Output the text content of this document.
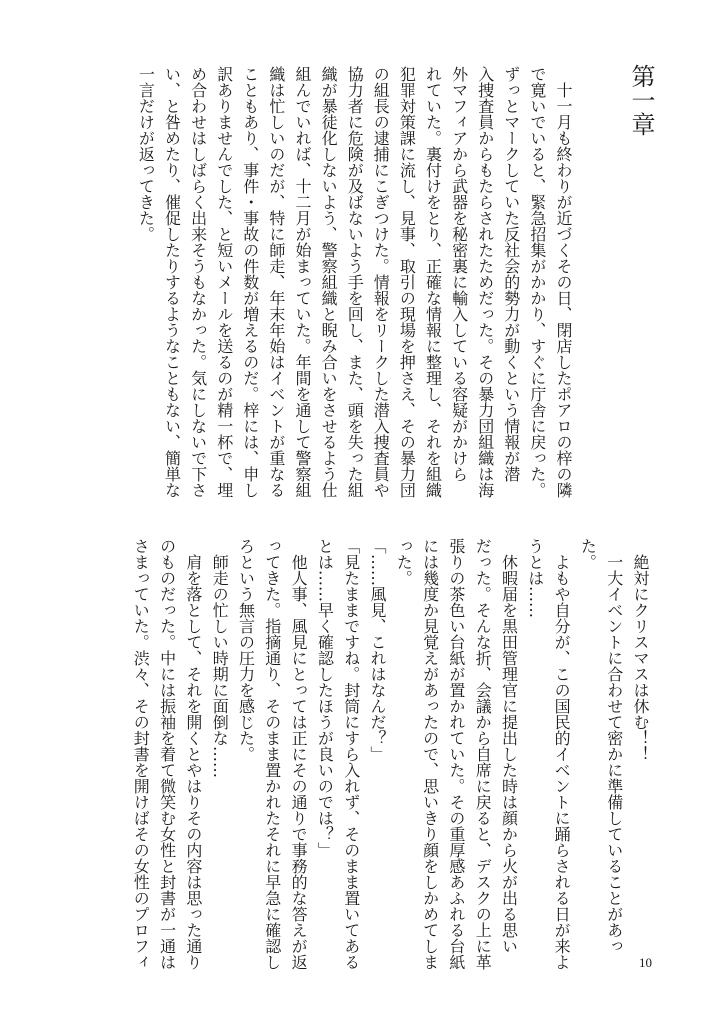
第一章
　十一月も終わりが近づくその日、閉店したポアロの梓の隣
で寛いでいると、緊急招集がかかり、すぐに庁舎に戻った。
ずっとマークしていた反社会的勢力が動くという情報が潜
入捜査員からもたらされたためだった。その暴力団組織は海
外マフィアから武器を秘密裏に輸入している容疑がかけら
れていた。裏付けをとり、正確な情報に整理し、それを組織
犯罪対策課に流し、見事、取引の現場を押さえ、その暴力団
の組長の逮捕にこぎつけた。情報をリークした潜入捜査員や
協力者に危険が及ばないよう手を回し、また、頭を失った組
織が暴徒化しないよう、警察組織と睨み合いをさせるよう仕
組んでいれば、十二月が始まっていた。年間を通して警察組
織は忙しいのだが、特に師走、年末年始はイベントが重なる
こともあり、事件・事故の件数が増えるのだ。梓には、申し
訳ありませんでした、と短いメールを送るのが精一杯で、埋
め合わせはしばらく出来そうもなかった。気にしないで下さ
い、と咎めたり、催促したりするようなこともない、簡単な
一言だけが返ってきた。
　絶対にクリスマスは休む！！
　一大イベントに合わせて密かに準備していることがあっ
た。
　よもや自分が、この国民的イベントに踊らされる日が来よ
うとは……
　休暇届を黒田管理官に提出した時は顔から火が出る思い
だった。そんな折、会議から自席に戻ると、デスクの上に革
張りの茶色い台紙が置かれていた。その重厚感あふれる台紙
には幾度か見覚えがあったので、思いきり顔をしかめてしま
った。
「……風見、これはなんだ？」
「見たままですね。封筒にすら入れず、そのまま置いてある
とは……早く確認したほうが良いのでは？」
　他人事、風見にとっては正にその通りで事務的な答えが返
ってきた。指摘通り、そのまま置かれたそれに早急に確認し
ろという無言の圧力を感じた。
　師走の忙しい時期に面倒な……
　肩を落として、それを開くとやはりその内容は思った通り
のものだった。中には振袖を着て微笑む女性と封書が一通は
さまっていた。渋々、その封書を開けばその女性のプロフィ	10
